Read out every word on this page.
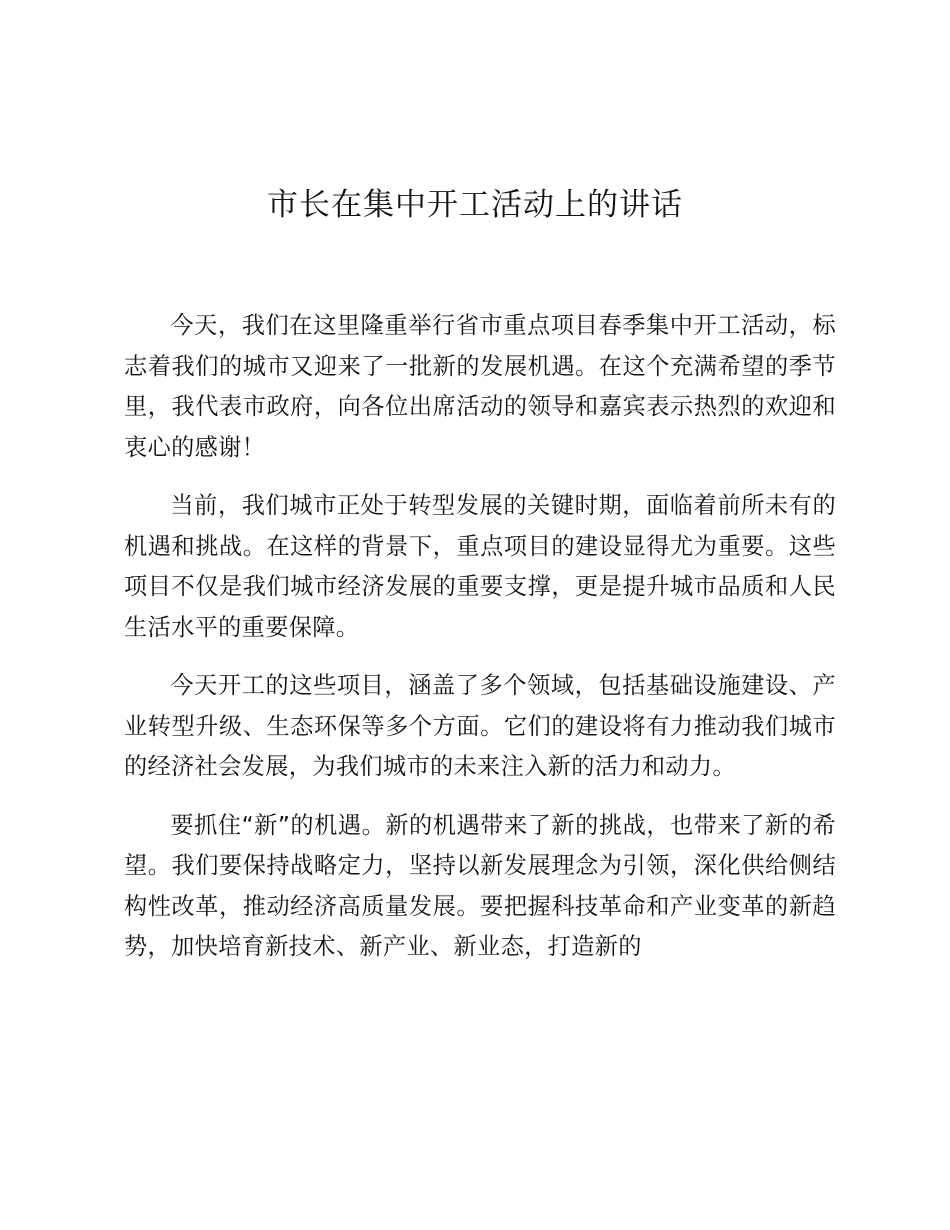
市长在集中开工活动上的讲话

今天，我们在这里隆重举行省市重点项目春季集中开工活动，标志着我们的城市又迎来了一批新的发展机遇。在这个充满希望的季节里，我代表市政府，向各位出席活动的领导和嘉宾表示热烈的欢迎和衷心的感谢！

当前，我们城市正处于转型发展的关键时期，面临着前所未有的机遇和挑战。在这样的背景下，重点项目的建设显得尤为重要。这些项目不仅是我们城市经济发展的重要支撑，更是提升城市品质和人民生活水平的重要保障。

今天开工的这些项目，涵盖了多个领域，包括基础设施建设、产业转型升级、生态环保等多个方面。它们的建设将有力推动我们城市的经济社会发展，为我们城市的未来注入新的活力和动力。

要抓住“新”的机遇。新的机遇带来了新的挑战，也带来了新的希望。我们要保持战略定力，坚持以新发展理念为引领，深化供给侧结构性改革，推动经济高质量发展。要把握科技革命和产业变革的新趋势，加快培育新技术、新产业、新业态，打造新的
